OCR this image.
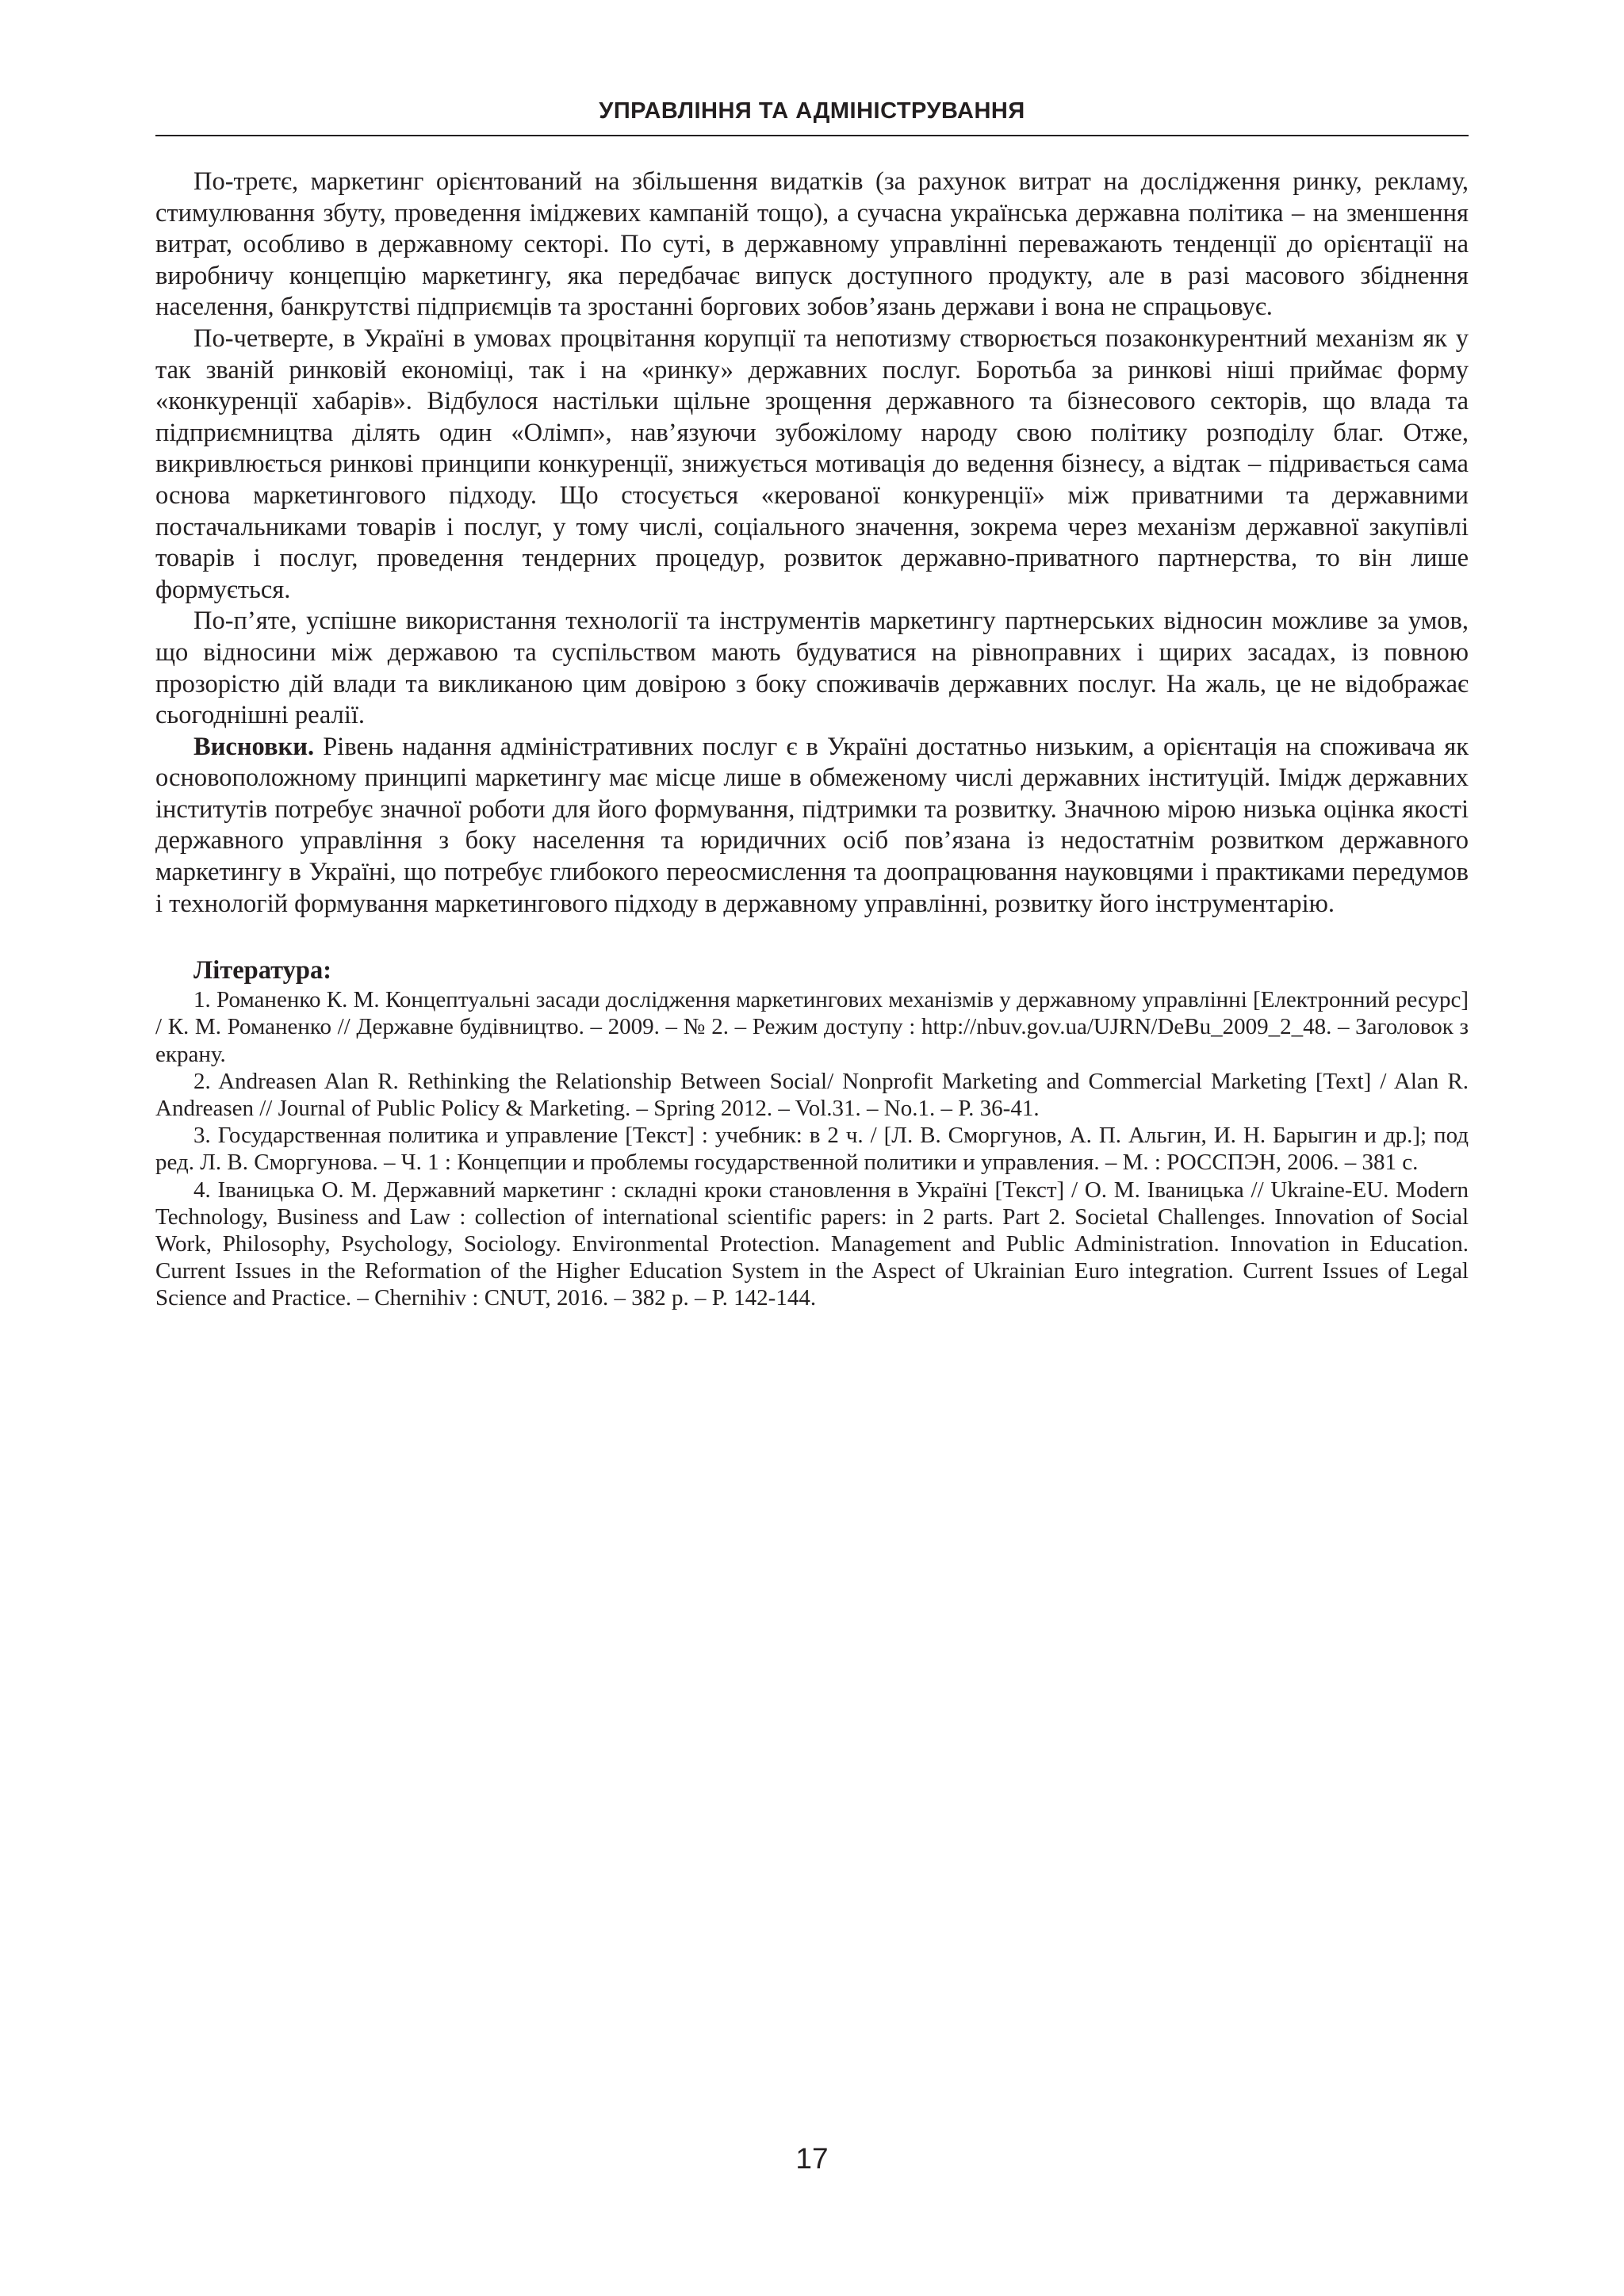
УПРАВЛІННЯ ТА АДМІНІСТРУВАННЯ

По-третє, маркетинг орієнтований на збільшення видатків (за рахунок витрат на дослідження ринку, рекламу, стимулювання збуту, проведення іміджевих кампаній тощо), а сучасна українська державна політика – на зменшення витрат, особливо в державному секторі. По суті, в державному управлінні переважають тенденції до орієнтації на виробничу концепцію маркетингу, яка передбачає випуск доступного продукту, але в разі масового збіднення населення, банкрутстві підприємців та зростанні боргових зобов’язань держави і вона не спрацьовує.

По-четверте, в Україні в умовах процвітання корупції та непотизму створюється позаконкурентний механізм як у так званій ринковій економіці, так і на «ринку» державних послуг. Боротьба за ринкові ніші приймає форму «конкуренції хабарів». Відбулося настільки щільне зрощення державного та бізнесового секторів, що влада та підприємництва ділять один «Олімп», нав’язуючи зубожілому народу свою політику розподілу благ. Отже, викривлюється ринкові принципи конкуренції, знижується мотивація до ведення бізнесу, а відтак – підривається сама основа маркетингового підходу. Що стосується «керованої конкуренції» між приватними та державними постачальниками товарів і послуг, у тому числі, соціального значення, зокрема через механізм державної закупівлі товарів і послуг, проведення тендерних процедур, розвиток державно-приватного партнерства, то він лише формується.

По-п’яте, успішне використання технології та інструментів маркетингу партнерських відносин можливе за умов, що відносини між державою та суспільством мають будуватися на рівноправних і щирих засадах, із повною прозорістю дій влади та викликаною цим довірою з боку споживачів державних послуг. На жаль, це не відображає сьогоднішні реалії.

Висновки. Рівень надання адміністративних послуг є в Україні достатньо низьким, а орієнтація на споживача як основоположному принципі маркетингу має місце лише в обмеженому числі державних інституцій. Імідж державних інститутів потребує значної роботи для його формування, підтримки та розвитку. Значною мірою низька оцінка якості державного управління з боку населення та юридичних осіб пов’язана із недостатнім розвитком державного маркетингу в Україні, що потребує глибокого переосмислення та доопрацювання науковцями і практиками передумов і технологій формування маркетингового підходу в державному управлінні, розвитку його інструментарію.

Література:

1. Романенко К. М. Концептуальні засади дослідження маркетингових механізмів у державному управлінні [Електронний ресурс] / К. М. Романенко // Державне будівництво. – 2009. – № 2. – Режим доступу : http://nbuv.gov.ua/UJRN/DeBu_2009_2_48. – Заголовок з екрану.

2. Andreasen Alan R. Rethinking the Relationship Between Social/ Nonprofit Marketing and Commercial Marketing [Text] / Alan R. Andreasen // Journal of Public Policy & Marketing. – Spring 2012. – Vol.31. – No.1. – P. 36-41.

3. Государственная политика и управление [Текст] : учебник: в 2 ч. / [Л. В. Сморгунов, А. П. Альгин, И. Н. Барыгин и др.]; под ред. Л. В. Сморгунова. – Ч. 1 : Концепции и проблемы государственной политики и управления. – М. : РОССПЭН, 2006. – 381 с.

4. Іваницька О. М. Державний маркетинг : складні кроки становлення в Україні [Текст] / О. М. Іваницька // Ukraine-EU. Modern Technology, Business and Law : collection of international scientific papers: in 2 parts. Part 2. Societal Challenges. Innovation of Social Work, Philosophy, Psychology, Sociology. Environmental Protection. Management and Public Administration. Innovation in Education. Current Issues in the Reformation of the Higher Education System in the Aspect of Ukrainian Euro integration. Current Issues of Legal Science and Practice. – Chernihiv : CNUT, 2016. – 382 p. – P. 142-144.

17
